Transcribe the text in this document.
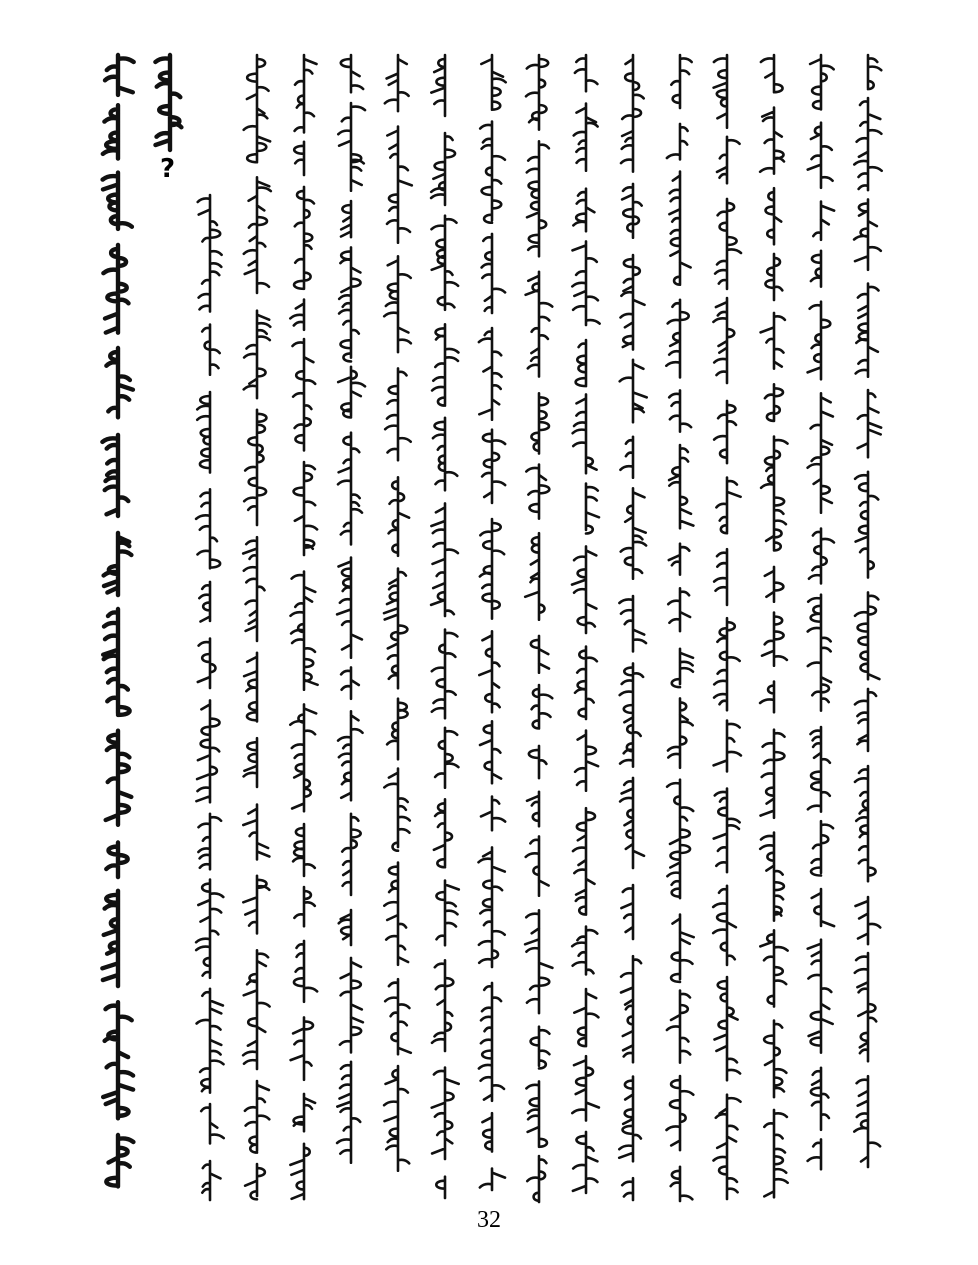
?
32
